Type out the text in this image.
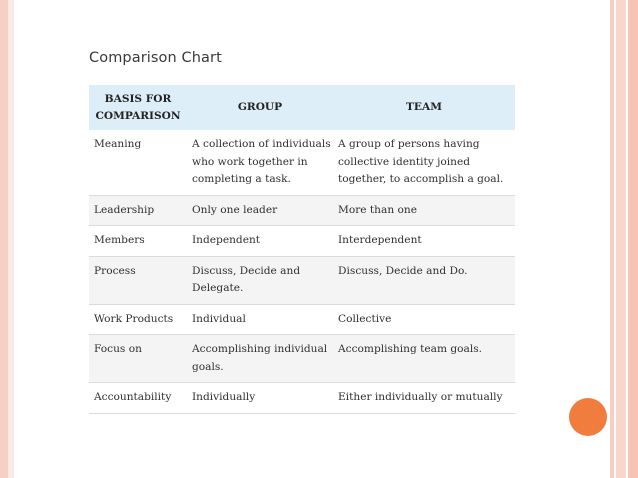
Comparison Chart
BASIS FOR
COMPARISON	GROUP	TEAM
Meaning	A collection of individuals who work together in completing a task.	A group of persons having collective identity joined together, to accomplish a goal.
Leadership	Only one leader	More than one
Members	Independent	Interdependent
Process	Discuss, Decide and Delegate.	Discuss, Decide and Do.
Work Products	Individual	Collective
Focus on	Accomplishing individual goals.	Accomplishing team goals.
Accountability	Individually	Either individually or mutually
